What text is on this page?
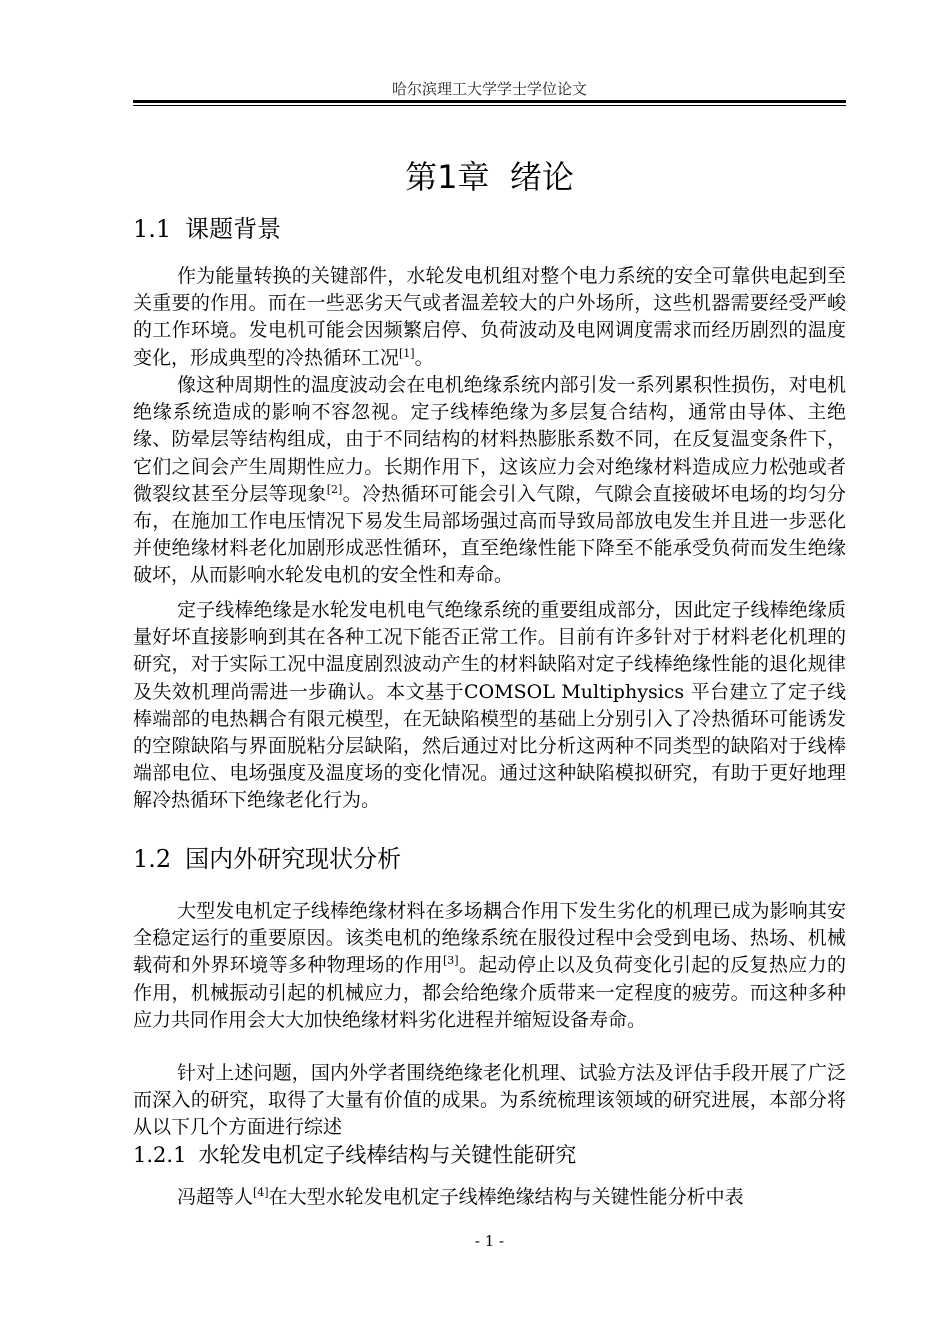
哈尔滨理工大学学士学位论文
第1章  绪论
1.1 课题背景

作为能量转换的关键部件，水轮发电机组对整个电力系统的安全可靠供电起到至关重要的作用。而在一些恶劣天气或者温差较大的户外场所，这些机器需要经受严峻的工作环境。发电机可能会因频繁启停、负荷波动及电网调度需求而经历剧烈的温度变化，形成典型的冷热循环工况[1]。

像这种周期性的温度波动会在电机绝缘系统内部引发一系列累积性损伤，对电机绝缘系统造成的影响不容忽视。定子线棒绝缘为多层复合结构，通常由导体、主绝缘、防晕层等结构组成，由于不同结构的材料热膨胀系数不同，在反复温变条件下，它们之间会产生周期性应力。长期作用下，这该应力会对绝缘材料造成应力松弛或者微裂纹甚至分层等现象[2]。冷热循环可能会引入气隙，气隙会直接破坏电场的均匀分布，在施加工作电压情况下易发生局部场强过高而导致局部放电发生并且进一步恶化并使绝缘材料老化加剧形成恶性循环，直至绝缘性能下降至不能承受负荷而发生绝缘破坏，从而影响水轮发电机的安全性和寿命。

定子线棒绝缘是水轮发电机电气绝缘系统的重要组成部分，因此定子线棒绝缘质量好坏直接影响到其在各种工况下能否正常工作。目前有许多针对于材料老化机理的研究，对于实际工况中温度剧烈波动产生的材料缺陷对定子线棒绝缘性能的退化规律及失效机理尚需进一步确认。本文基于COMSOL Multiphysics 平台建立了定子线棒端部的电热耦合有限元模型，在无缺陷模型的基础上分别引入了冷热循环可能诱发的空隙缺陷与界面脱粘分层缺陷，然后通过对比分析这两种不同类型的缺陷对于线棒端部电位、电场强度及温度场的变化情况。通过这种缺陷模拟研究，有助于更好地理解冷热循环下绝缘老化行为。

1.2 国内外研究现状分析

大型发电机定子线棒绝缘材料在多场耦合作用下发生劣化的机理已成为影响其安全稳定运行的重要原因。该类电机的绝缘系统在服役过程中会受到电场、热场、机械载荷和外界环境等多种物理场的作用[3]。起动停止以及负荷变化引起的反复热应力的作用，机械振动引起的机械应力，都会给绝缘介质带来一定程度的疲劳。而这种多种应力共同作用会大大加快绝缘材料劣化进程并缩短设备寿命。

针对上述问题，国内外学者围绕绝缘老化机理、试验方法及评估手段开展了广泛而深入的研究，取得了大量有价值的成果。为系统梳理该领域的研究进展，本部分将从以下几个方面进行综述

1.2.1 水轮发电机定子线棒结构与关键性能研究

冯超等人[4]在大型水轮发电机定子线棒绝缘结构与关键性能分析中表

- 1 -
